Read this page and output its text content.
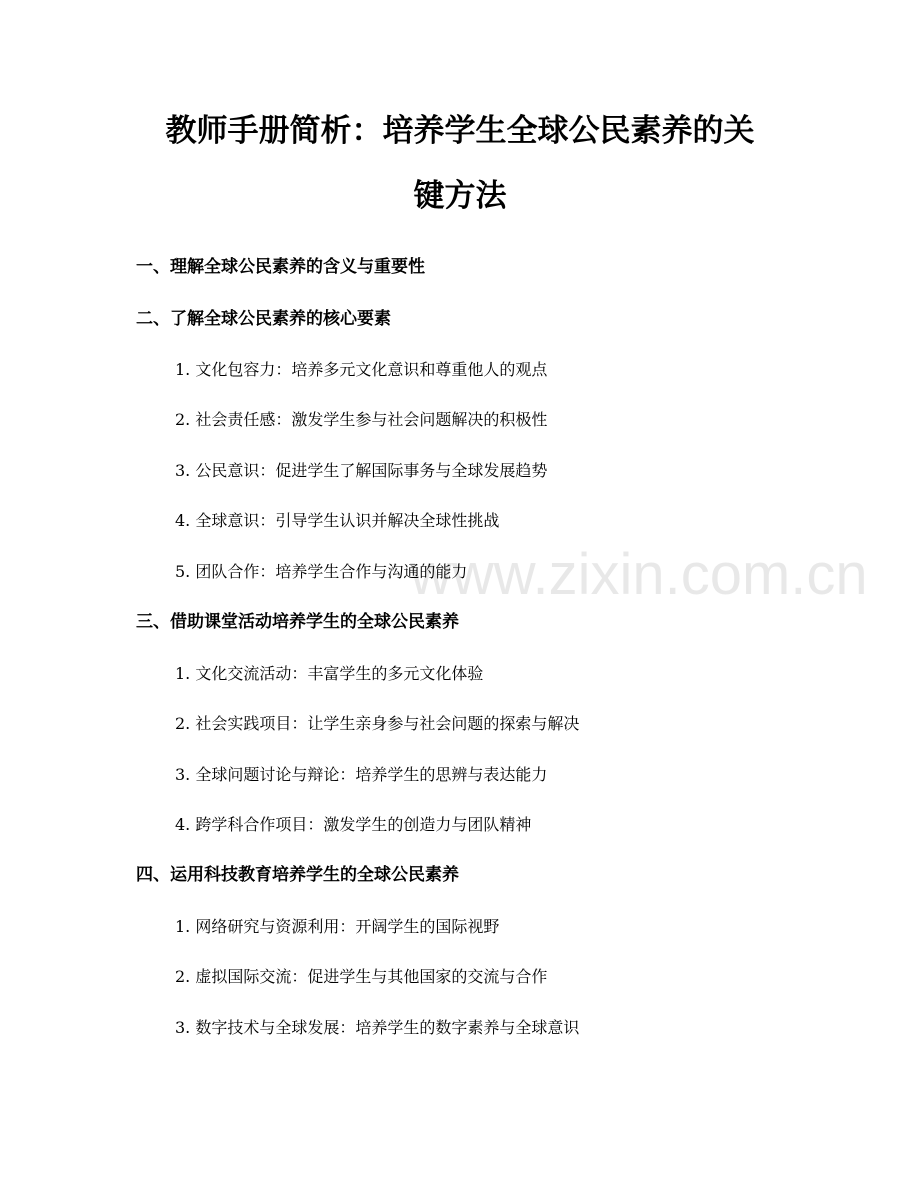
教师手册简析：培养学生全球公民素养的关
键方法
一、理解全球公民素养的含义与重要性
二、了解全球公民素养的核心要素
1. 文化包容力：培养多元文化意识和尊重他人的观点
2. 社会责任感：激发学生参与社会问题解决的积极性
3. 公民意识：促进学生了解国际事务与全球发展趋势
4. 全球意识：引导学生认识并解决全球性挑战
5. 团队合作：培养学生合作与沟通的能力
三、借助课堂活动培养学生的全球公民素养
1. 文化交流活动：丰富学生的多元文化体验
2. 社会实践项目：让学生亲身参与社会问题的探索与解决
3. 全球问题讨论与辩论：培养学生的思辨与表达能力
4. 跨学科合作项目：激发学生的创造力与团队精神
四、运用科技教育培养学生的全球公民素养
1. 网络研究与资源利用：开阔学生的国际视野
2. 虚拟国际交流：促进学生与其他国家的交流与合作
3. 数字技术与全球发展：培养学生的数字素养与全球意识
www.zixin.com.cn
